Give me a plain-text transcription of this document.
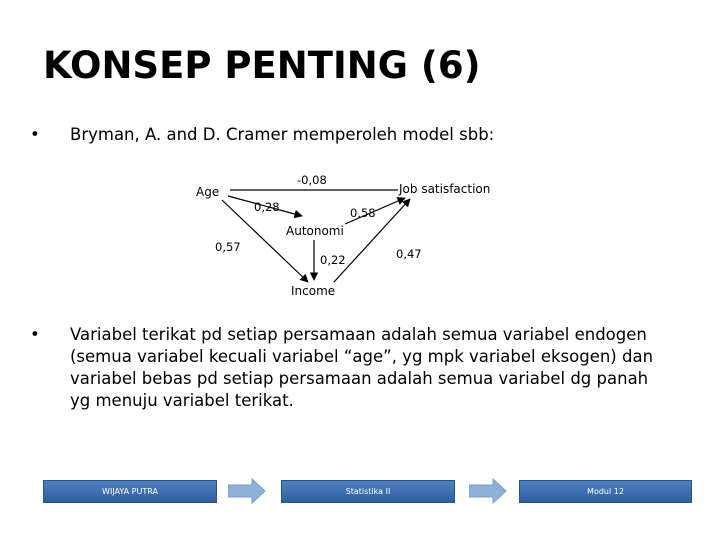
KONSEP PENTING (6)
• Bryman, A. and D. Cramer memperoleh model sbb:
Age	Job satisfaction
Autonomi
Income
-0,08
0,28	0,58
0,57
0,22	0,47
• Variabel terikat pd setiap persamaan adalah semua variabel endogen (semua variabel kecuali variabel “age”, yg mpk variabel eksogen) dan variabel bebas pd setiap persamaan adalah semua variabel dg panah yg menuju variabel terikat.
WIJAYA PUTRA	Statistika II	Modul 12
